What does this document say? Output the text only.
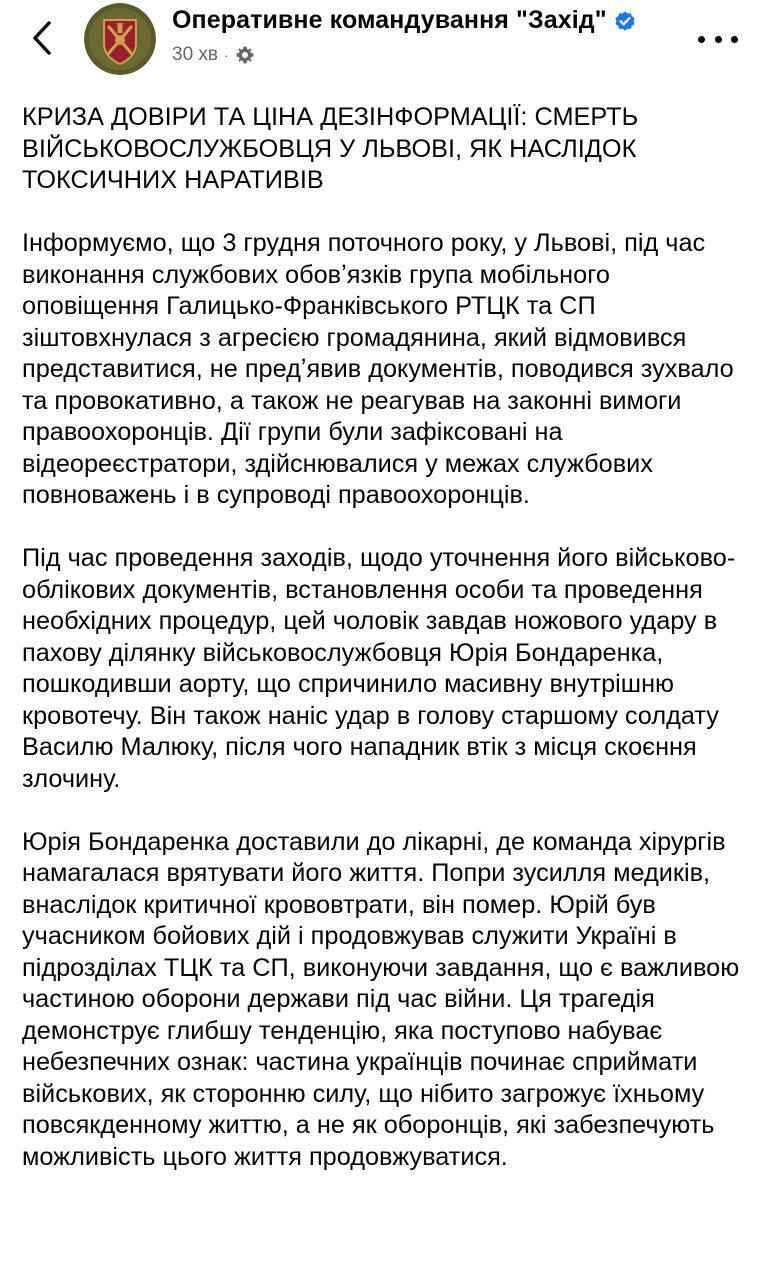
Оперативне командування "Захід"
30 хв ·

КРИЗА ДОВІРИ ТА ЦІНА ДЕЗІНФОРМАЦІЇ: СМЕРТЬ ВІЙСЬКОВОСЛУЖБОВЦЯ У ЛЬВОВІ, ЯК НАСЛІДОК ТОКСИЧНИХ НАРАТИВІВ

Інформуємо, що 3 грудня поточного року, у Львові, під час виконання службових обовʼязків група мобільного оповіщення Галицько-Франківського РТЦК та СП зіштовхнулася з агресією громадянина, який відмовився представитися, не предʼявив документів, поводився зухвало та провокативно, а також не реагував на законні вимоги правоохоронців. Дії групи були зафіксовані на відеореєстратори, здійснювалися у межах службових повноважень і в супроводі правоохоронців.

Під час проведення заходів, щодо уточнення його військово-облікових документів, встановлення особи та проведення необхідних процедур, цей чоловік завдав ножового удару в пахову ділянку військовослужбовця Юрія Бондаренка, пошкодивши аорту, що спричинило масивну внутрішню кровотечу. Він також наніс удар в голову старшому солдату Василю Малюку, після чого нападник втік з місця скоєння злочину.

Юрія Бондаренка доставили до лікарні, де команда хірургів намагалася врятувати його життя. Попри зусилля медиків, внаслідок критичної крововтрати, він помер. Юрій був учасником бойових дій і продовжував служити Україні в підрозділах ТЦК та СП, виконуючи завдання, що є важливою частиною оборони держави під час війни. Ця трагедія демонструє глибшу тенденцію, яка поступово набуває небезпечних ознак: частина українців починає сприймати військових, як сторонню силу, що нібито загрожує їхньому повсякденному життю, а не як оборонців, які забезпечують можливість цього життя продовжуватися.
